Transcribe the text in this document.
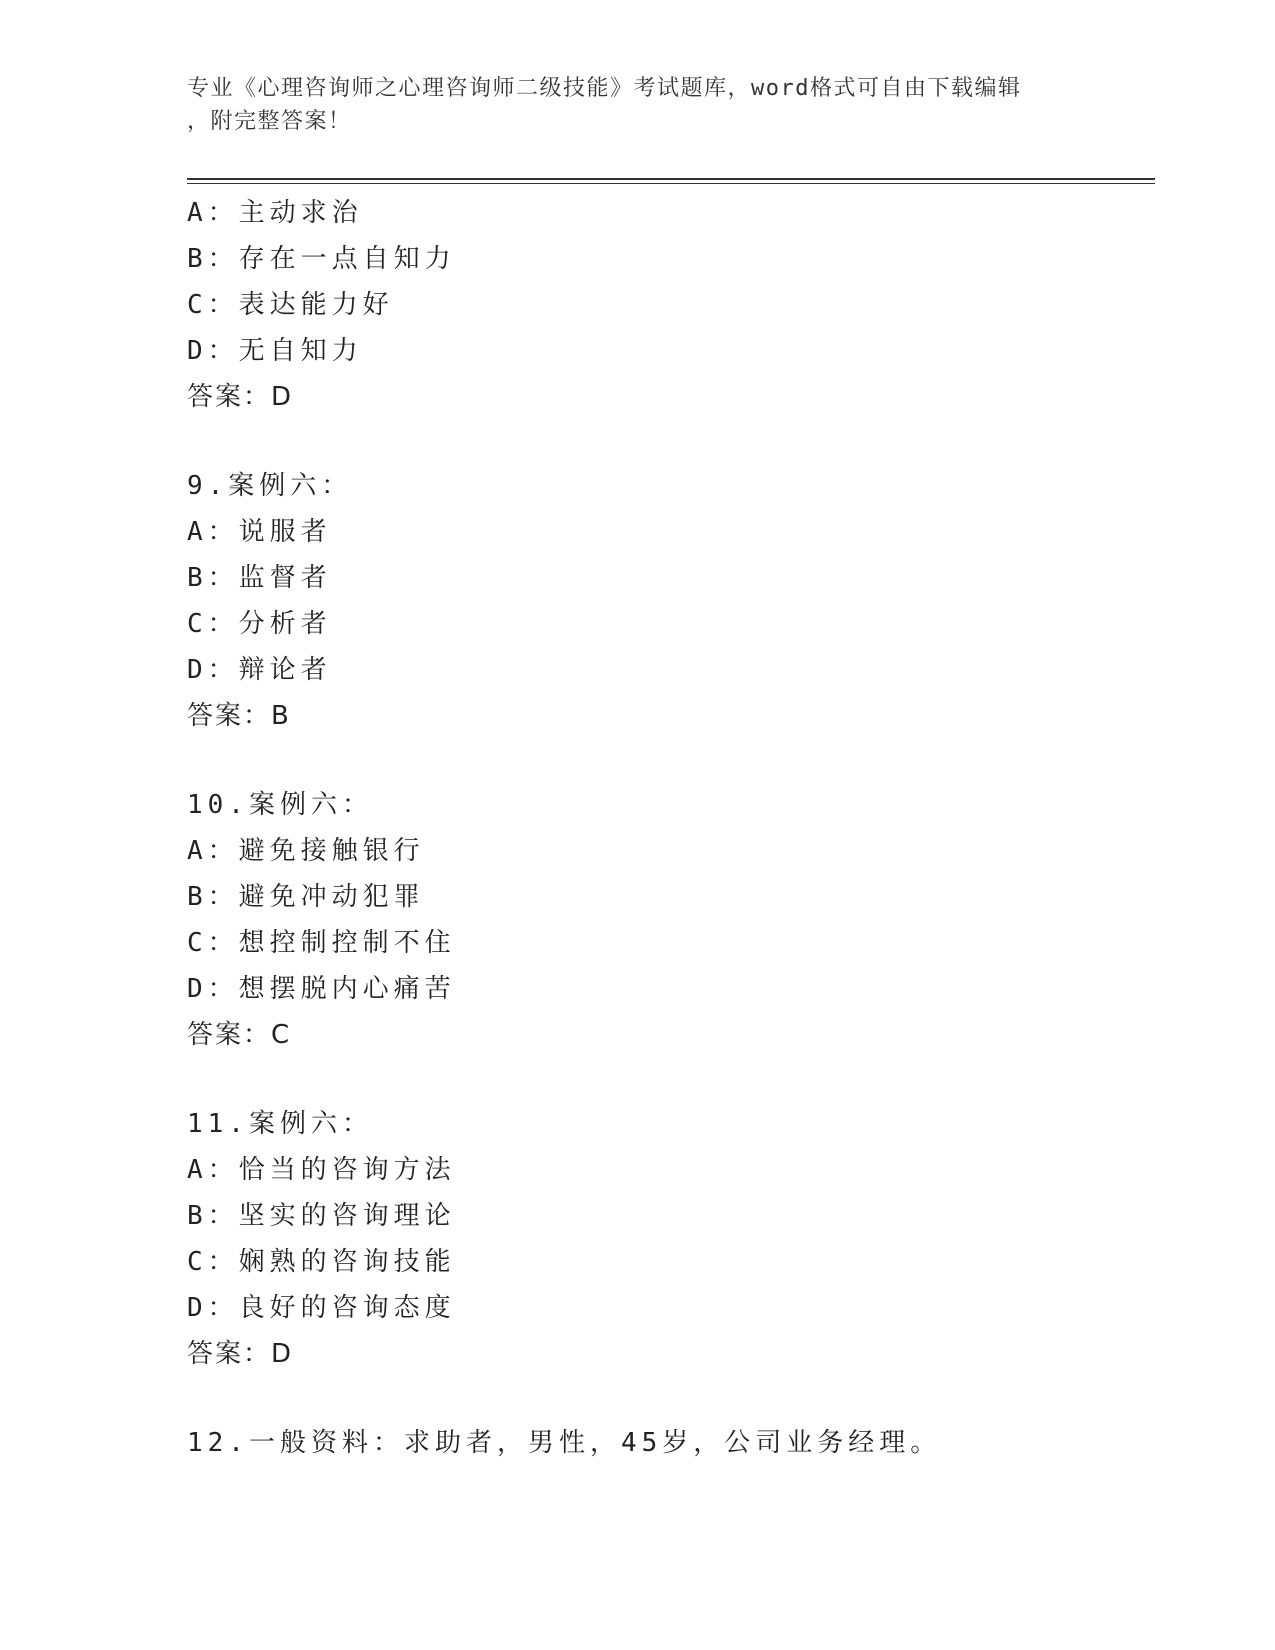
专业《心理咨询师之心理咨询师二级技能》考试题库，word格式可自由下载编辑
，附完整答案！
A：主动求治
B：存在一点自知力
C：表达能力好
D：无自知力
答案：D
9.案例六：
A：说服者
B：监督者
C：分析者
D：辩论者
答案：B
10.案例六：
A：避免接触银行
B：避免冲动犯罪
C：想控制控制不住
D：想摆脱内心痛苦
答案：C
11.案例六：
A：恰当的咨询方法
B：坚实的咨询理论
C：娴熟的咨询技能
D：良好的咨询态度
答案：D
12.一般资料：求助者，男性，45岁，公司业务经理。
